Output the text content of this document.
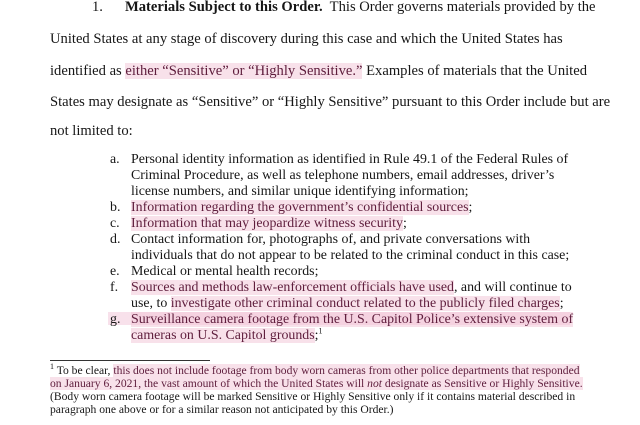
1. Materials Subject to this Order. This Order governs materials provided by the
United States at any stage of discovery during this case and which the United States has
identified as either “Sensitive” or “Highly Sensitive.” Examples of materials that the United
States may designate as “Sensitive” or “Highly Sensitive” pursuant to this Order include but are
not limited to:
a. Personal identity information as identified in Rule 49.1 of the Federal Rules of
Criminal Procedure, as well as telephone numbers, email addresses, driver’s
license numbers, and similar unique identifying information;
b. Information regarding the government’s confidential sources;
c. Information that may jeopardize witness security;
d. Contact information for, photographs of, and private conversations with
individuals that do not appear to be related to the criminal conduct in this case;
e. Medical or mental health records;
f. Sources and methods law-enforcement officials have used, and will continue to
use, to investigate other criminal conduct related to the publicly filed charges;
g. Surveillance camera footage from the U.S. Capitol Police’s extensive system of
cameras on U.S. Capitol grounds;$^1$
$^1$ To be clear, this does not include footage from body worn cameras from other police departments that responded
on January 6, 2021, the vast amount of which the United States will not designate as Sensitive or Highly Sensitive.
(Body worn camera footage will be marked Sensitive or Highly Sensitive only if it contains material described in
paragraph one above or for a similar reason not anticipated by this Order.)
